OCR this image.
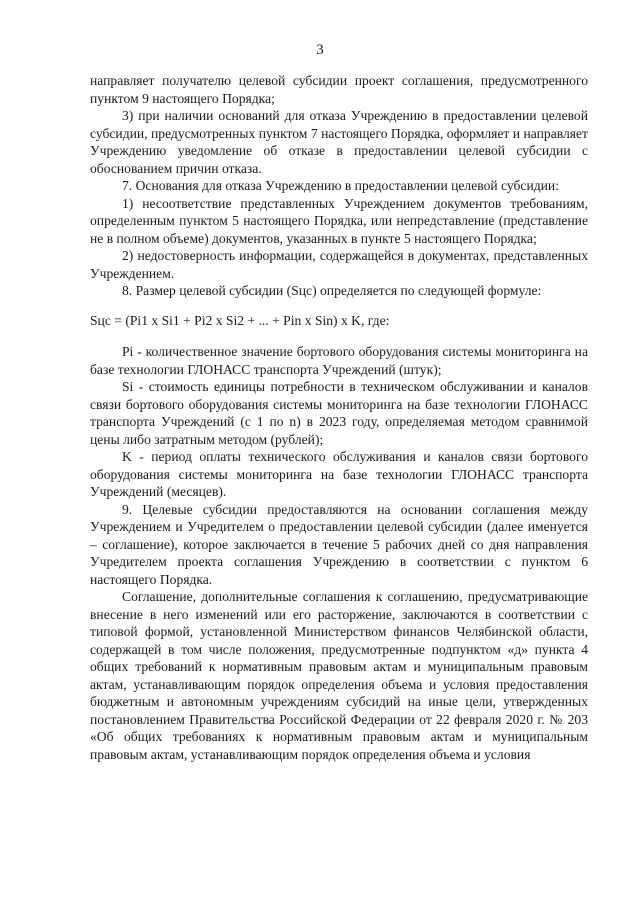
3

направляет получателю целевой субсидии проект соглашения, предусмотренного пунктом 9 настоящего Порядка;

3) при наличии оснований для отказа Учреждению в предоставлении целевой субсидии, предусмотренных пунктом 7 настоящего Порядка, оформляет и направляет Учреждению уведомление об отказе в предоставлении целевой субсидии с обоснованием причин отказа.

7. Основания для отказа Учреждению в предоставлении целевой субсидии:

1) несоответствие представленных Учреждением документов требованиям, определенным пунктом 5 настоящего Порядка, или непредставление (представление не в полном объеме) документов, указанных в пункте 5 настоящего Порядка;

2) недостоверность информации, содержащейся в документах, представленных Учреждением.

8. Размер целевой субсидии (Sцс) определяется по следующей формуле:

Sцс = (Pi1 x Si1 + Pi2 x Si2 + ... + Pin x Sin) x K, где:

Pi - количественное значение бортового оборудования системы мониторинга на базе технологии ГЛОНАСС транспорта Учреждений (штук);

Si - стоимость единицы потребности в техническом обслуживании и каналов связи бортового оборудования системы мониторинга на базе технологии ГЛОНАСС транспорта Учреждений (с 1 по n) в 2023 году, определяемая методом сравнимой цены либо затратным методом (рублей);

K - период оплаты технического обслуживания и каналов связи бортового оборудования системы мониторинга на базе технологии ГЛОНАСС транспорта Учреждений (месяцев).

9. Целевые субсидии предоставляются на основании соглашения между Учреждением и Учредителем о предоставлении целевой субсидии (далее именуется – соглашение), которое заключается в течение 5 рабочих дней со дня направления Учредителем проекта соглашения Учреждению в соответствии с пунктом 6 настоящего Порядка.

Соглашение, дополнительные соглашения к соглашению, предусматривающие внесение в него изменений или его расторжение, заключаются в соответствии с типовой формой, установленной Министерством финансов Челябинской области, содержащей в том числе положения, предусмотренные подпунктом «д» пункта 4 общих требований к нормативным правовым актам и муниципальным правовым актам, устанавливающим порядок определения объема и условия предоставления бюджетным и автономным учреждениям субсидий на иные цели, утвержденных постановлением Правительства Российской Федерации от 22 февраля 2020 г. № 203 «Об общих требованиях к нормативным правовым актам и муниципальным правовым актам, устанавливающим порядок определения объема и условия
